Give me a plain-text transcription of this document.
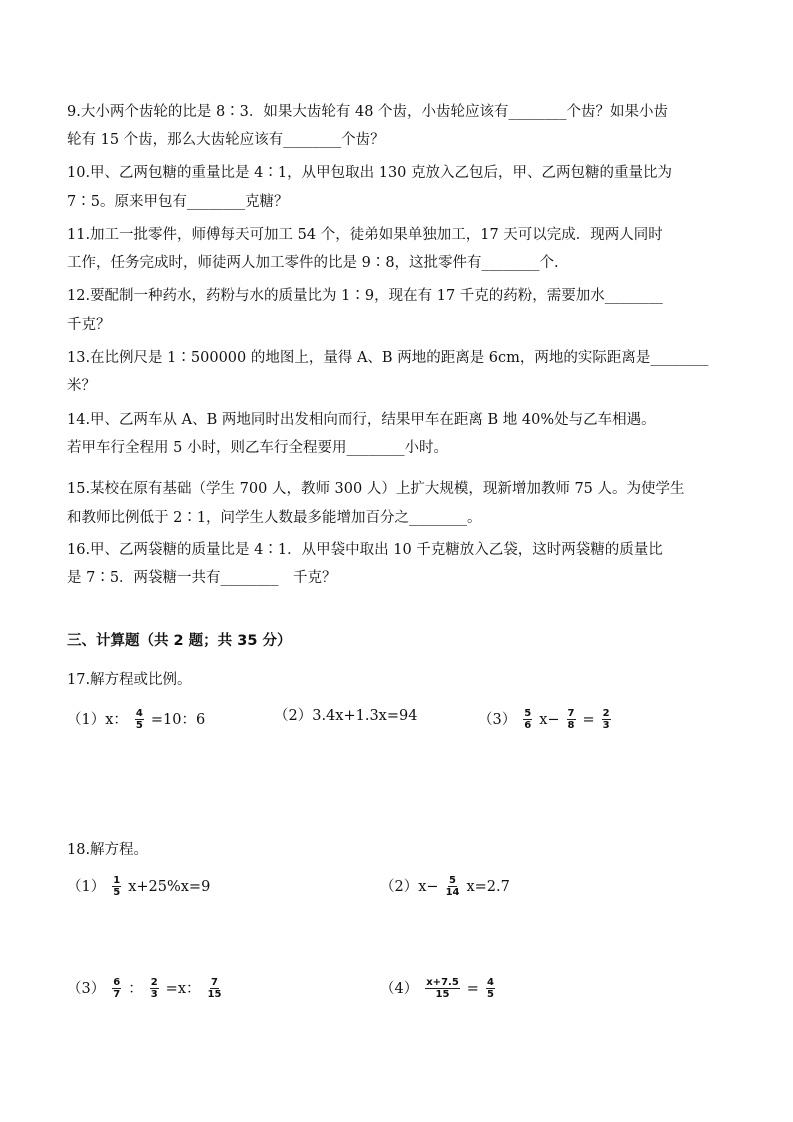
9.大小两个齿轮的比是 8∶3．如果大齿轮有 48 个齿，小齿轮应该有________个齿？如果小齿
轮有 15 个齿，那么大齿轮应该有________个齿？
10.甲、乙两包糖的重量比是 4∶1，从甲包取出 130 克放入乙包后，甲、乙两包糖的重量比为
7∶5。原来甲包有________克糖？
11.加工一批零件，师傅每天可加工 54 个，徒弟如果单独加工，17 天可以完成．现两人同时
工作，任务完成时，师徒两人加工零件的比是 9∶8，这批零件有________个.
12.要配制一种药水，药粉与水的质量比为 1∶9，现在有 17 千克的药粉，需要加水________
千克？
13.在比例尺是 1∶500000 的地图上，量得 A、B 两地的距离是 6cm，两地的实际距离是________
米？
14.甲、乙两车从 A、B 两地同时出发相向而行，结果甲车在距离 B 地 40%处与乙车相遇。
若甲车行全程用 5 小时，则乙车行全程要用________小时。
15.某校在原有基础（学生 700 人，教师 300 人）上扩大规模，现新增加教师 75 人。为使学生
和教师比例低于 2∶1，问学生人数最多能增加百分之________。
16.甲、乙两袋糖的质量比是 4∶1．从甲袋中取出 10 千克糖放入乙袋，这时两袋糖的质量比
是 7∶5．两袋糖一共有________　千克？
三、计算题（共 2 题；共 35 分）
17.解方程或比例。
（1）x： $\frac{4}{5} =10$：6	（2）3.4x+1.3x=94	（3） 5
6 $x- \frac{7}{8} = \frac{2}{3}$
18.解方程。
（1） 1
5 x+25%x=9	$(2)x- \frac{5}{14} x=2.7$
（3） 6
7 ： $\frac{2}{3} =x$： 7
15	$(4) \frac{x+7.5}{15} = \frac{4}{5}$
